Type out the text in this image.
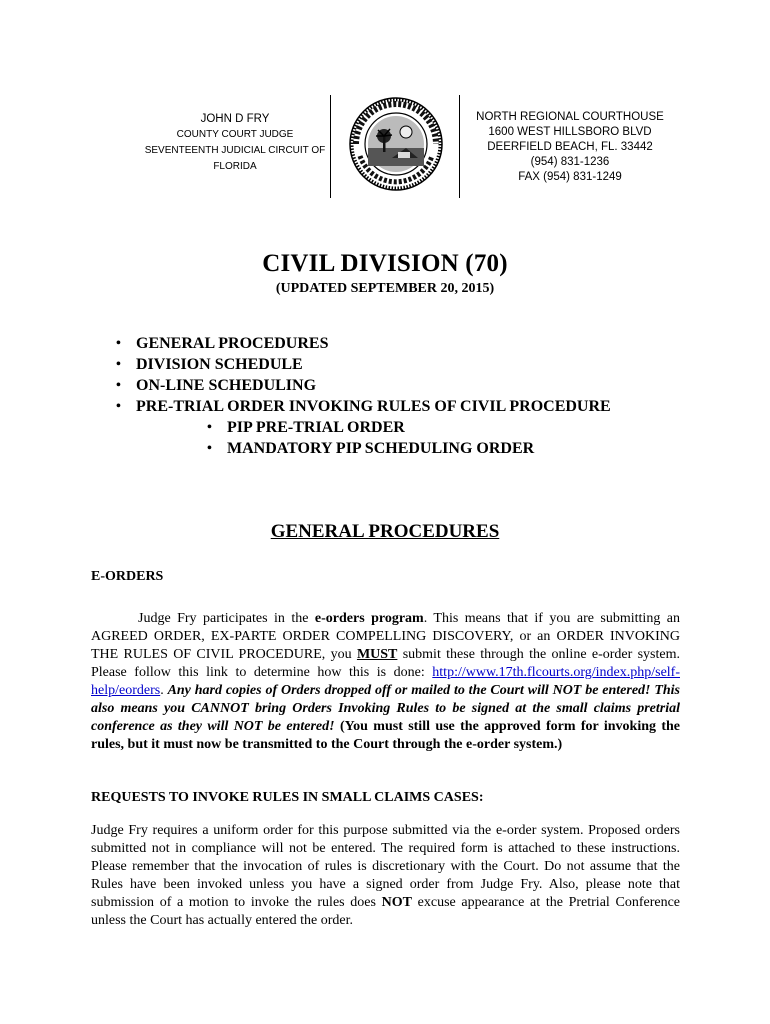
JOHN D FRY
COUNTY COURT JUDGE
SEVENTEENTH JUDICIAL CIRCUIT OF
FLORIDA
NORTH REGIONAL COURTHOUSE
1600 WEST HILLSBORO BLVD
DEERFIELD BEACH, FL. 33442
(954) 831-1236
FAX (954) 831-1249
CIVIL DIVISION (70)
(UPDATED SEPTEMBER 20, 2015)
• GENERAL PROCEDURES
• DIVISION SCHEDULE
• ON-LINE SCHEDULING
• PRE-TRIAL ORDER INVOKING RULES OF CIVIL PROCEDURE
• PIP PRE-TRIAL ORDER
• MANDATORY PIP SCHEDULING ORDER
GENERAL PROCEDURES
E-ORDERS
Judge Fry participates in the e-orders program. This means that if you are submitting an AGREED ORDER, EX-PARTE ORDER COMPELLING DISCOVERY, or an ORDER INVOKING THE RULES OF CIVIL PROCEDURE, you MUST submit these through the online e-order system. Please follow this link to determine how this is done: http://www.17th.flcourts.org/index.php/self-help/eorders. Any hard copies of Orders dropped off or mailed to the Court will NOT be entered! This also means you CANNOT bring Orders Invoking Rules to be signed at the small claims pretrial conference as they will NOT be entered! (You must still use the approved form for invoking the rules, but it must now be transmitted to the Court through the e-order system.)
REQUESTS TO INVOKE RULES IN SMALL CLAIMS CASES:
Judge Fry requires a uniform order for this purpose submitted via the e-order system. Proposed orders submitted not in compliance will not be entered. The required form is attached to these instructions. Please remember that the invocation of rules is discretionary with the Court. Do not assume that the Rules have been invoked unless you have a signed order from Judge Fry. Also, please note that submission of a motion to invoke the rules does NOT excuse appearance at the Pretrial Conference unless the Court has actually entered the order.
